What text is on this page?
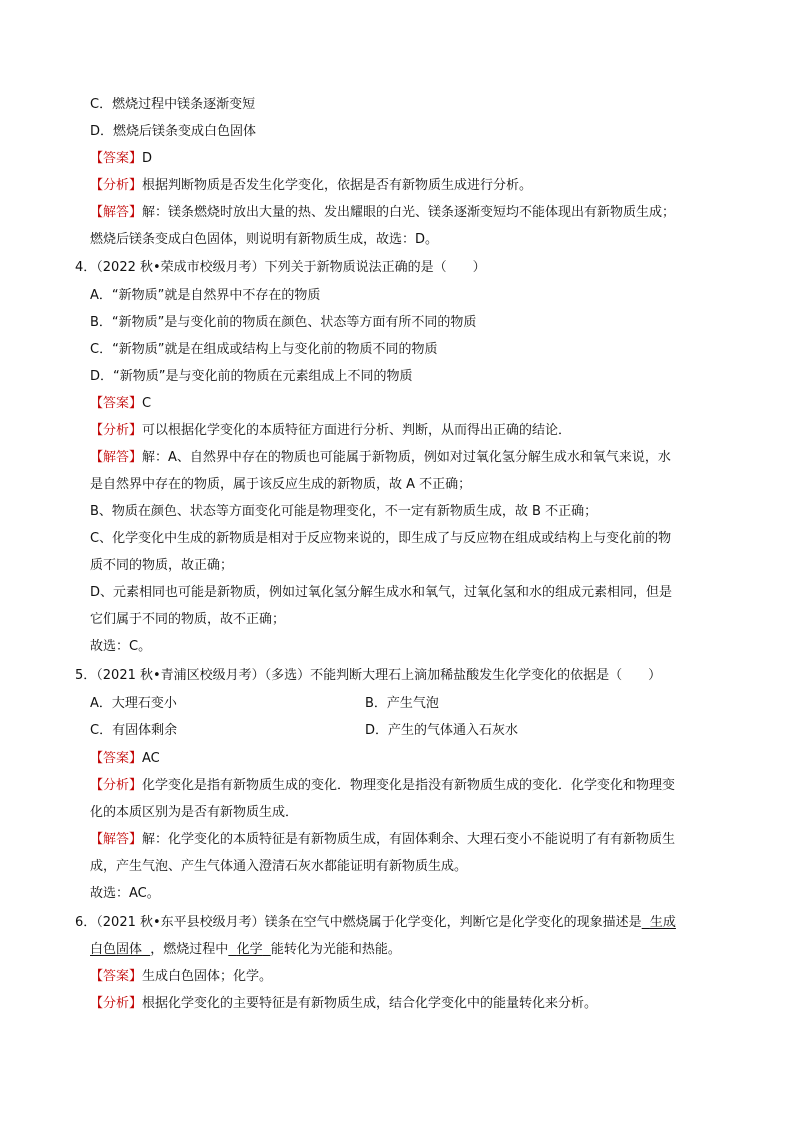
C．燃烧过程中镁条逐渐变短
D．燃烧后镁条变成白色固体
【答案】D
【分析】根据判断物质是否发生化学变化，依据是否有新物质生成进行分析。
【解答】解：镁条燃烧时放出大量的热、发出耀眼的白光、镁条逐渐变短均不能体现出有新物质生成；
燃烧后镁条变成白色固体，则说明有新物质生成，故选：D。
4．（2022 秋•荣成市校级月考）下列关于新物质说法正确的是（　　）
A．“新物质”就是自然界中不存在的物质
B．“新物质”是与变化前的物质在颜色、状态等方面有所不同的物质
C．“新物质”就是在组成或结构上与变化前的物质不同的物质
D．“新物质”是与变化前的物质在元素组成上不同的物质
【答案】C
【分析】可以根据化学变化的本质特征方面进行分析、判断，从而得出正确的结论．
【解答】解：A、自然界中存在的物质也可能属于新物质，例如对过氧化氢分解生成水和氧气来说，水
是自然界中存在的物质，属于该反应生成的新物质，故 A 不正确；
B、物质在颜色、状态等方面变化可能是物理变化，不一定有新物质生成，故 B 不正确；
C、化学变化中生成的新物质是相对于反应物来说的，即生成了与反应物在组成或结构上与变化前的物
质不同的物质，故正确；
D、元素相同也可能是新物质，例如过氧化氢分解生成水和氧气，过氧化氢和水的组成元素相同，但是
它们属于不同的物质，故不正确；
故选：C。
5．（2021 秋•青浦区校级月考）（多选）不能判断大理石上滴加稀盐酸发生化学变化的依据是（　　）
A．大理石变小	B．产生气泡
C．有固体剩余	D．产生的气体通入石灰水
【答案】AC
【分析】化学变化是指有新物质生成的变化．物理变化是指没有新物质生成的变化．化学变化和物理变
化的本质区别为是否有新物质生成．
【解答】解：化学变化的本质特征是有新物质生成，有固体剩余、大理石变小不能说明了有有新物质生
成，产生气泡、产生气体通入澄清石灰水都能证明有新物质生成。
故选：AC。
6．（2021 秋•东平县校级月考）镁条在空气中燃烧属于化学变化，判断它是化学变化的现象描述是 生成
白色固体 ，燃烧过程中 化学 能转化为光能和热能。
【答案】生成白色固体；化学。
【分析】根据化学变化的主要特征是有新物质生成，结合化学变化中的能量转化来分析。
